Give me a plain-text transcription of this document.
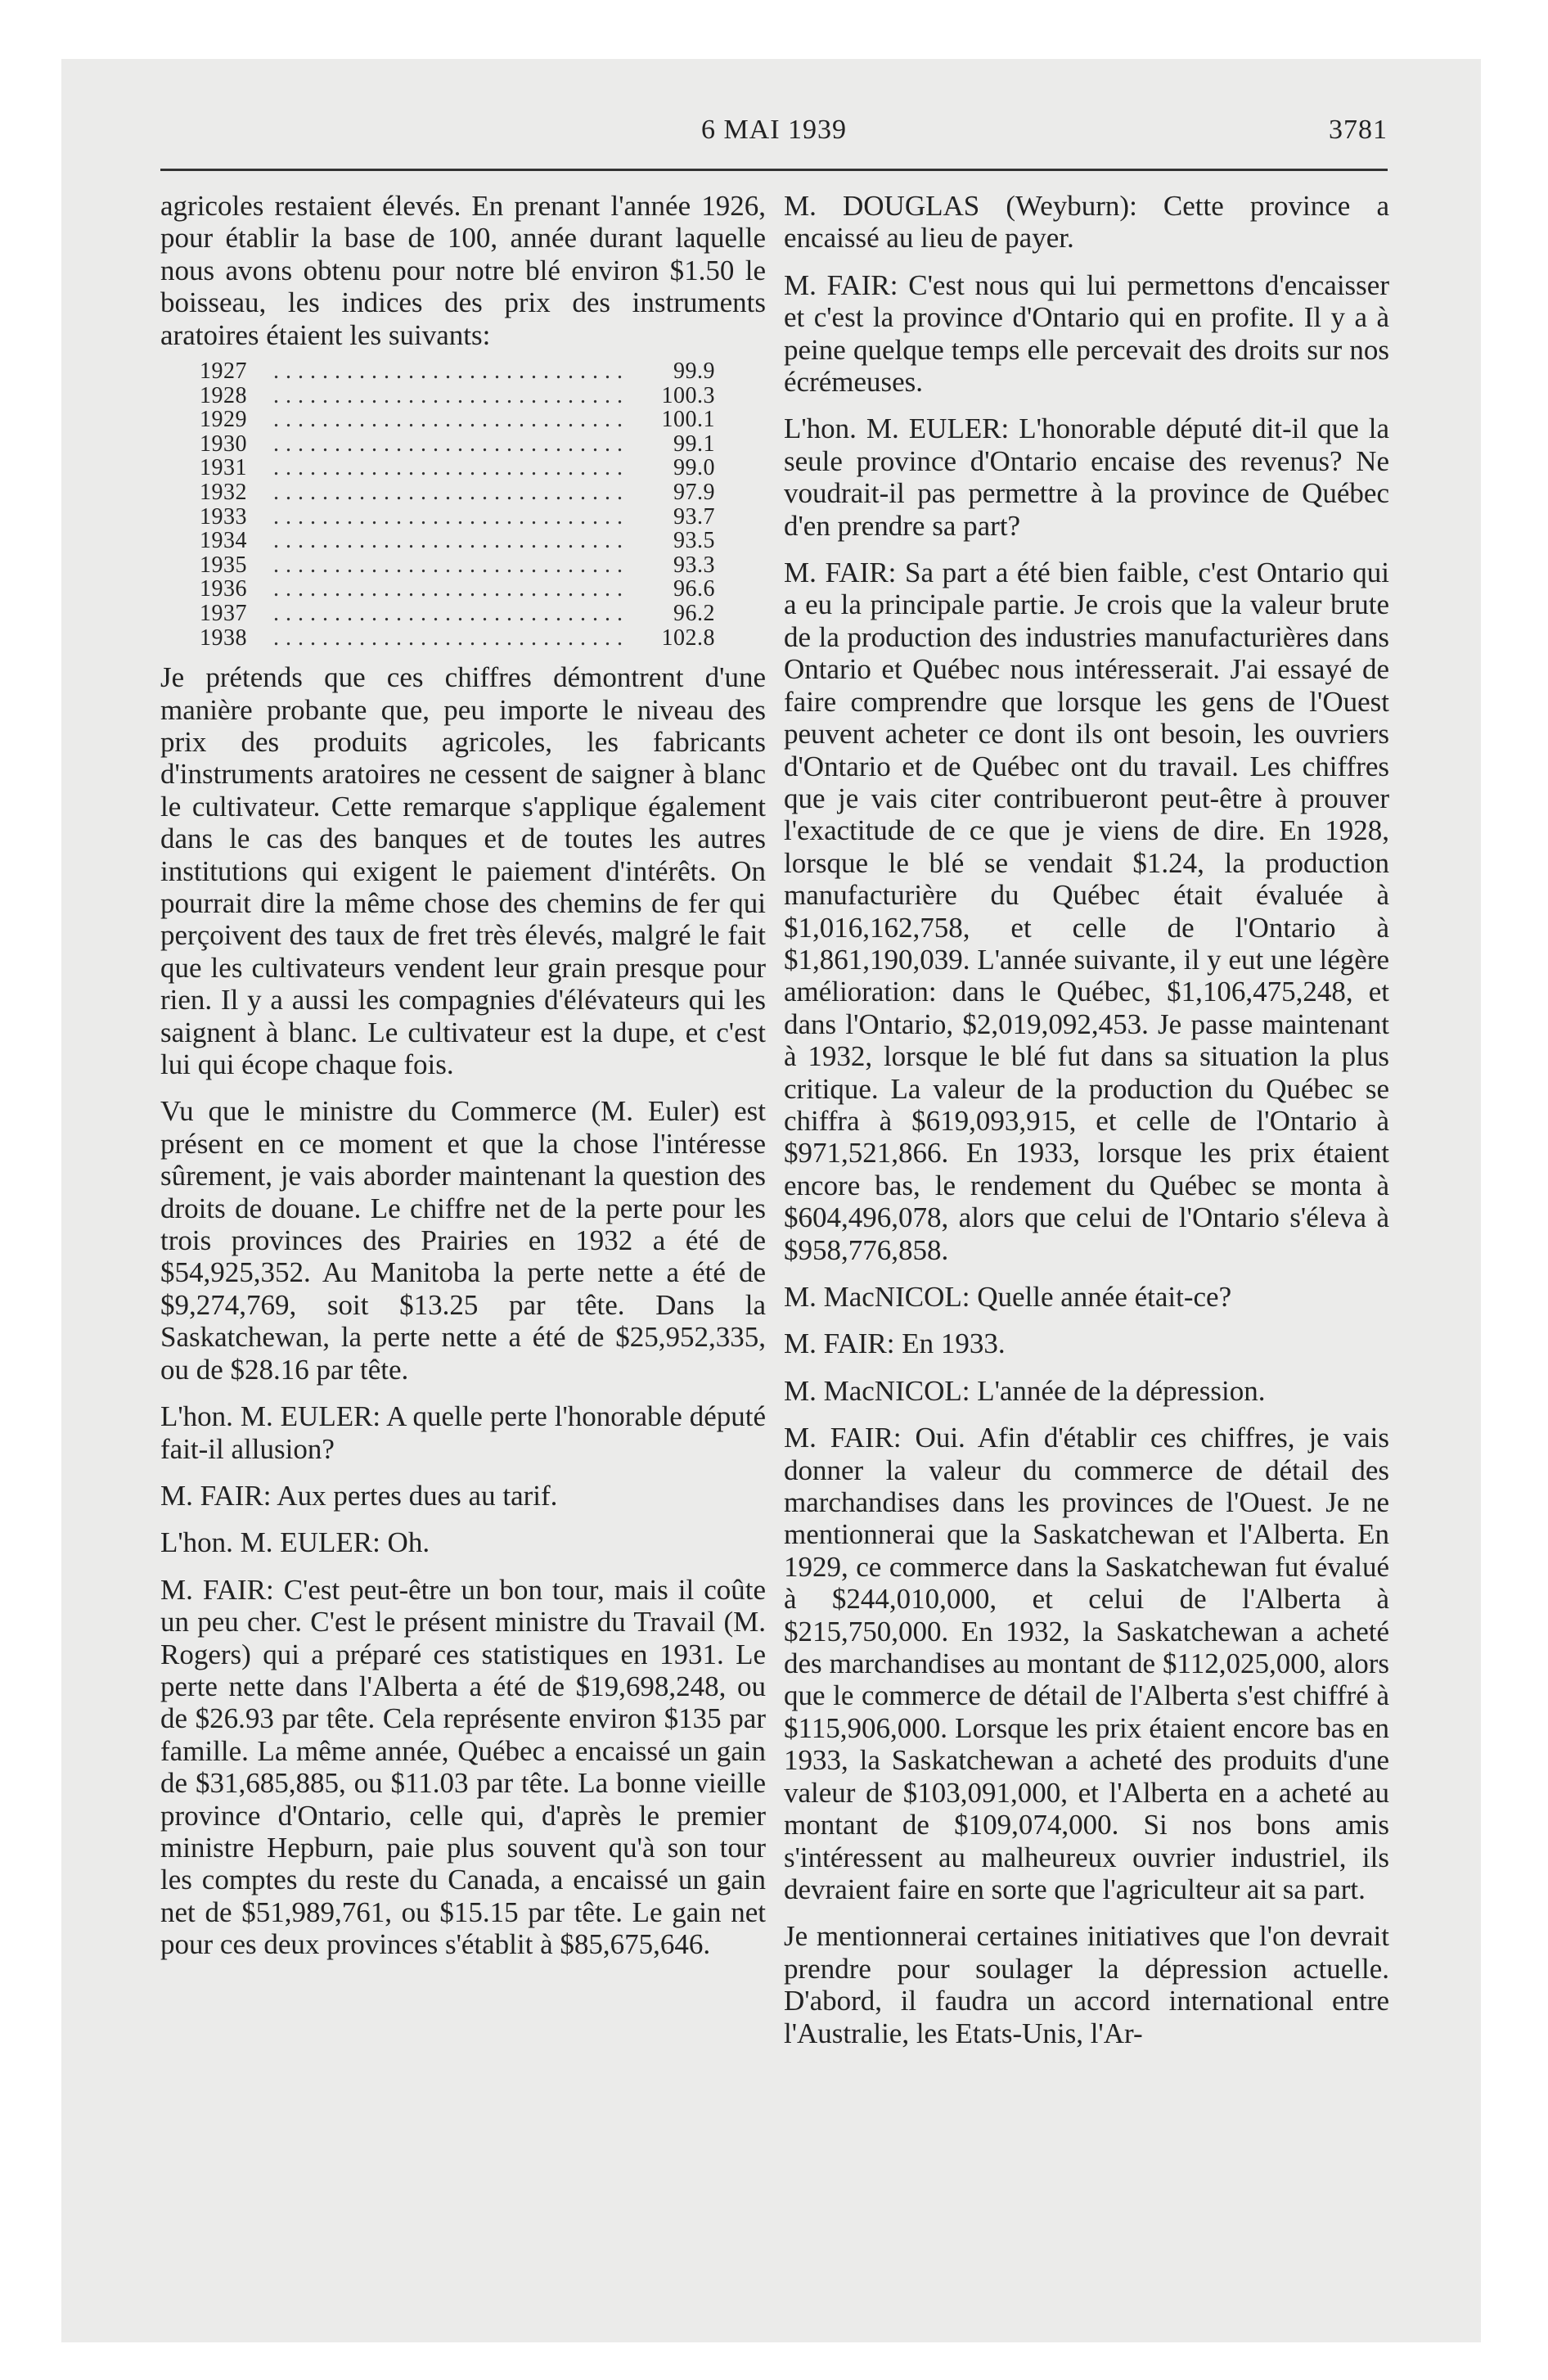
6 MAI 1939	3781

agricoles restaient élevés. En prenant l'année 1926, pour établir la base de 100, année durant laquelle nous avons obtenu pour notre blé environ $1.50 le boisseau, les indices des prix des instruments aratoires étaient les suivants:

1927	. . . . . . . . . . . . . . . . . . . . . . . . . . . . .	99.9
1928	. . . . . . . . . . . . . . . . . . . . . . . . . . . . .	100.3
1929	. . . . . . . . . . . . . . . . . . . . . . . . . . . . .	100.1
1930	. . . . . . . . . . . . . . . . . . . . . . . . . . . . .	99.1
1931	. . . . . . . . . . . . . . . . . . . . . . . . . . . . .	99.0
1932	. . . . . . . . . . . . . . . . . . . . . . . . . . . . .	97.9
1933	. . . . . . . . . . . . . . . . . . . . . . . . . . . . .	93.7
1934	. . . . . . . . . . . . . . . . . . . . . . . . . . . . .	93.5
1935	. . . . . . . . . . . . . . . . . . . . . . . . . . . . .	93.3
1936	. . . . . . . . . . . . . . . . . . . . . . . . . . . . .	96.6
1937	. . . . . . . . . . . . . . . . . . . . . . . . . . . . .	96.2
1938	. . . . . . . . . . . . . . . . . . . . . . . . . . . . .	102.8

Je prétends que ces chiffres démontrent d'une manière probante que, peu importe le niveau des prix des produits agricoles, les fabricants d'instruments aratoires ne cessent de saigner à blanc le cultivateur. Cette remarque s'applique également dans le cas des banques et de toutes les autres institutions qui exigent le paiement d'intérêts. On pourrait dire la même chose des chemins de fer qui perçoivent des taux de fret très élevés, malgré le fait que les cultivateurs vendent leur grain presque pour rien. Il y a aussi les compagnies d'élévateurs qui les saignent à blanc. Le cultivateur est la dupe, et c'est lui qui écope chaque fois.

Vu que le ministre du Commerce (M. Euler) est présent en ce moment et que la chose l'intéresse sûrement, je vais aborder maintenant la question des droits de douane. Le chiffre net de la perte pour les trois provinces des Prairies en 1932 a été de $54,925,352. Au Manitoba la perte nette a été de $9,274,769, soit $13.25 par tête. Dans la Saskatchewan, la perte nette a été de $25,952,335, ou de $28.16 par tête.

L'hon. M. EULER: A quelle perte l'honorable député fait-il allusion?

M. FAIR: Aux pertes dues au tarif.

L'hon. M. EULER: Oh.

M. FAIR: C'est peut-être un bon tour, mais il coûte un peu cher. C'est le présent ministre du Travail (M. Rogers) qui a préparé ces statistiques en 1931. Le perte nette dans l'Alberta a été de $19,698,248, ou de $26.93 par tête. Cela représente environ $135 par famille. La même année, Québec a encaissé un gain de $31,685,885, ou $11.03 par tête. La bonne vieille province d'Ontario, celle qui, d'après le premier ministre Hepburn, paie plus souvent qu'à son tour les comptes du reste du Canada, a encaissé un gain net de $51,989,761, ou $15.15 par tête. Le gain net pour ces deux provinces s'établit à $85,675,646.

M. DOUGLAS (Weyburn): Cette province a encaissé au lieu de payer.

M. FAIR: C'est nous qui lui permettons d'encaisser et c'est la province d'Ontario qui en profite. Il y a à peine quelque temps elle percevait des droits sur nos écrémeuses.

L'hon. M. EULER: L'honorable député dit-il que la seule province d'Ontario encaise des revenus? Ne voudrait-il pas permettre à la province de Québec d'en prendre sa part?

M. FAIR: Sa part a été bien faible, c'est Ontario qui a eu la principale partie. Je crois que la valeur brute de la production des industries manufacturières dans Ontario et Québec nous intéresserait. J'ai essayé de faire comprendre que lorsque les gens de l'Ouest peuvent acheter ce dont ils ont besoin, les ouvriers d'Ontario et de Québec ont du travail. Les chiffres que je vais citer contribueront peut-être à prouver l'exactitude de ce que je viens de dire. En 1928, lorsque le blé se vendait $1.24, la production manufacturière du Québec était évaluée à $1,016,162,758, et celle de l'Ontario à $1,861,190,039. L'année suivante, il y eut une légère amélioration: dans le Québec, $1,106,475,248, et dans l'Ontario, $2,019,092,453. Je passe maintenant à 1932, lorsque le blé fut dans sa situation la plus critique. La valeur de la production du Québec se chiffra à $619,093,915, et celle de l'Ontario à $971,521,866. En 1933, lorsque les prix étaient encore bas, le rendement du Québec se monta à $604,496,078, alors que celui de l'Ontario s'éleva à $958,776,858.

M. MacNICOL: Quelle année était-ce?

M. FAIR: En 1933.

M. MacNICOL: L'année de la dépression.

M. FAIR: Oui. Afin d'établir ces chiffres, je vais donner la valeur du commerce de détail des marchandises dans les provinces de l'Ouest. Je ne mentionnerai que la Saskatchewan et l'Alberta. En 1929, ce commerce dans la Saskatchewan fut évalué à $244,010,000, et celui de l'Alberta à $215,750,000. En 1932, la Saskatchewan a acheté des marchandises au montant de $112,025,000, alors que le commerce de détail de l'Alberta s'est chiffré à $115,906,000. Lorsque les prix étaient encore bas en 1933, la Saskatchewan a acheté des produits d'une valeur de $103,091,000, et l'Alberta en a acheté au montant de $109,074,000. Si nos bons amis s'intéressent au malheureux ouvrier industriel, ils devraient faire en sorte que l'agriculteur ait sa part.

Je mentionnerai certaines initiatives que l'on devrait prendre pour soulager la dépression actuelle. D'abord, il faudra un accord international entre l'Australie, les Etats-Unis, l'Ar-
